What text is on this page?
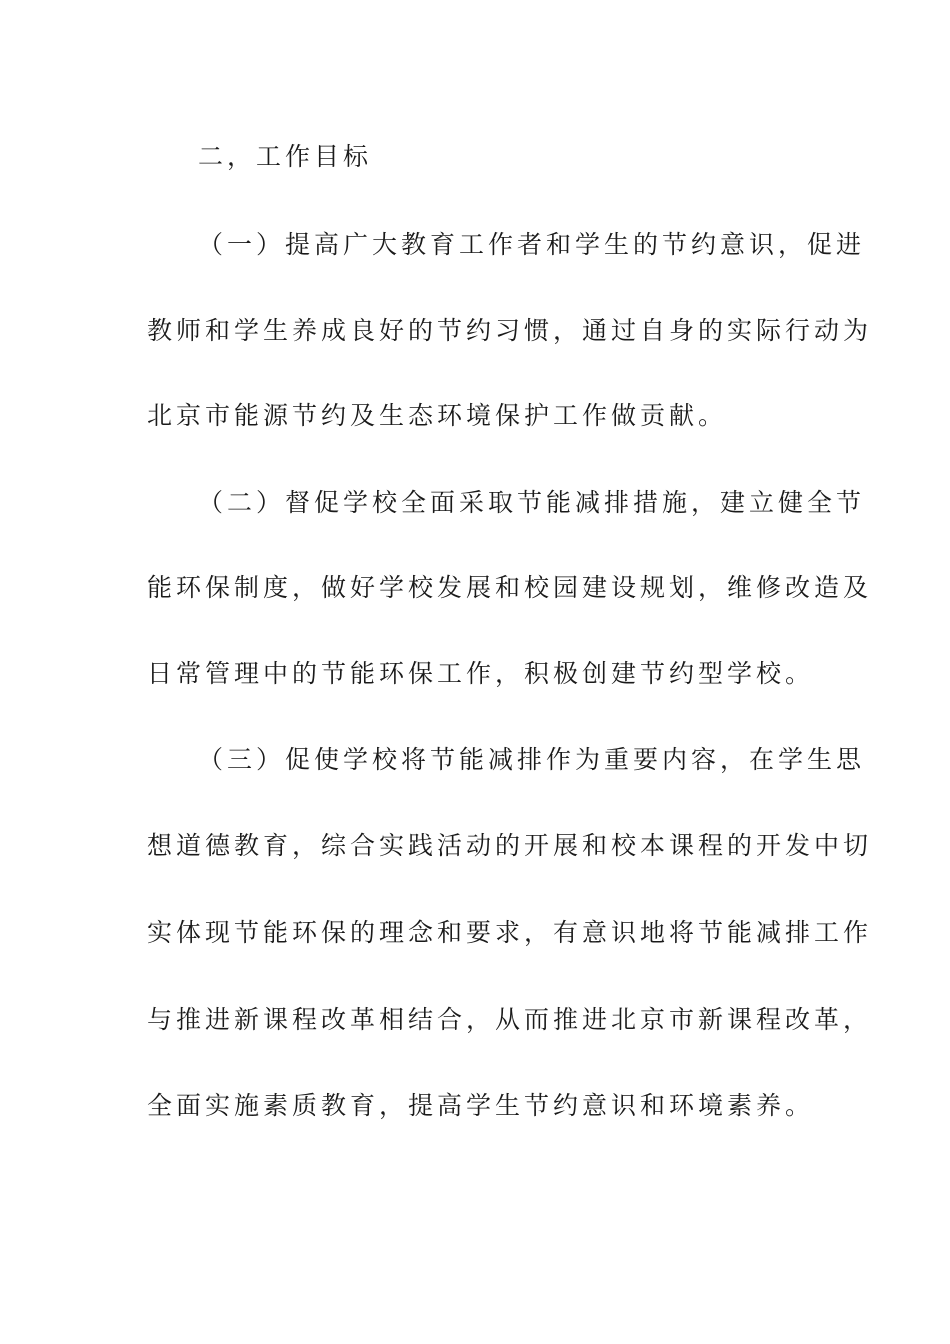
二，工作目标

（一）提高广大教育工作者和学生的节约意识，促进

教师和学生养成良好的节约习惯，通过自身的实际行动为

北京市能源节约及生态环境保护工作做贡献。

（二）督促学校全面采取节能减排措施，建立健全节

能环保制度，做好学校发展和校园建设规划，维修改造及

日常管理中的节能环保工作，积极创建节约型学校。

（三）促使学校将节能减排作为重要内容，在学生思

想道德教育，综合实践活动的开展和校本课程的开发中切

实体现节能环保的理念和要求，有意识地将节能减排工作

与推进新课程改革相结合，从而推进北京市新课程改革，

全面实施素质教育，提高学生节约意识和环境素养。
